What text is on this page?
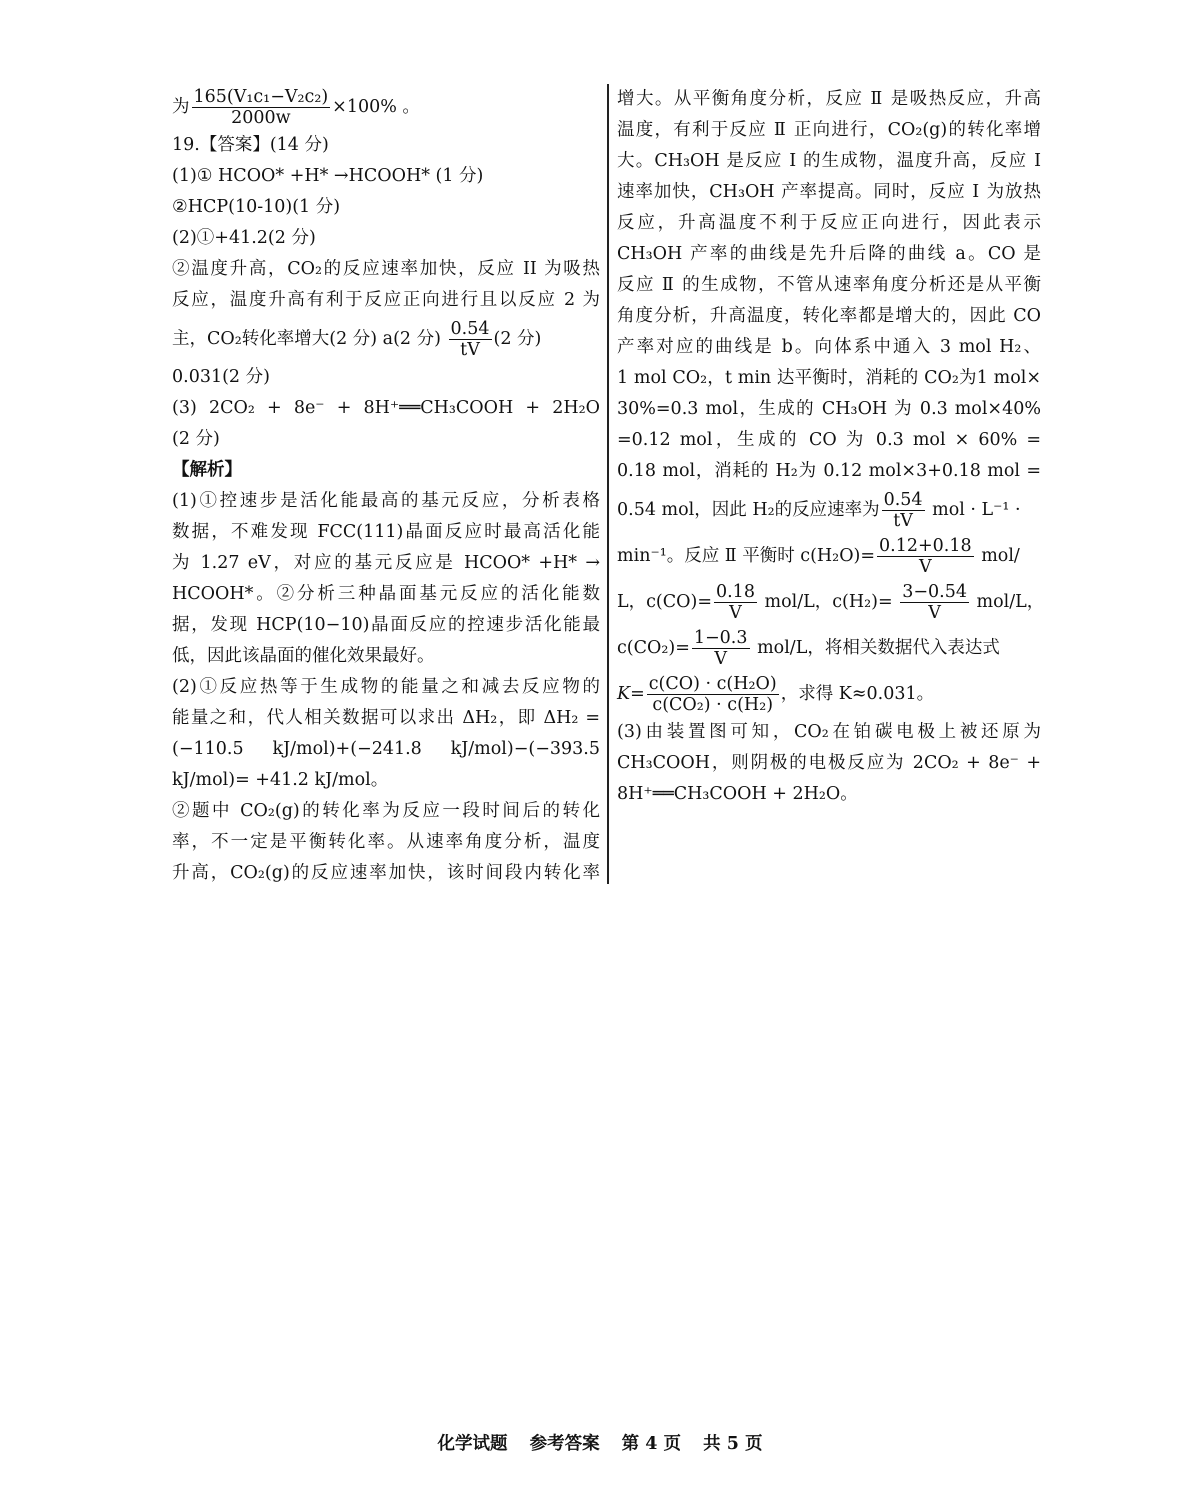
为 $\frac{\text{165(V₁c₁−V₂c₂)}}{2000w} \times 100\%$ 。
19.【答案】(14 分)
(1)① HCOO* +H* →HCOOH* (1 分)
②HCP(10-10)(1 分)
(2)①+41.2(2 分)
②温度升高，CO₂的反应速率加快，反应 II 为吸热
反应，温度升高有利于反应正向进行且以反应 2 为
主，CO₂转化率增大(2 分) a(2 分) $\frac{0.54}{tV} (2$ 分)
0.031(2 分)
(3) 2CO₂ + 8e⁻ + 8H⁺══CH₃COOH + 2H₂O
(2 分)
【解析】
(1)①控速步是活化能最高的基元反应，分析表格
数据，不难发现 FCC(111)晶面反应时最高活化能
为 1.27 eV，对应的基元反应是 HCOO* +H* →
HCOOH*。②分析三种晶面基元反应的活化能数
据，发现 HCP(10−10)晶面反应的控速步活化能最
低，因此该晶面的催化效果最好。
(2)①反应热等于生成物的能量之和减去反应物的
能量之和，代人相关数据可以求出 ΔH₂，即 ΔH₂ =
(−110.5 kJ/mol)+(−241.8 kJ/mol)−(−393.5
kJ/mol)= +41.2 kJ/mol。
②题中 CO₂(g)的转化率为反应一段时间后的转化
率，不一定是平衡转化率。从速率角度分析，温度
升高，CO₂(g)的反应速率加快，该时间段内转化率
增大。从平衡角度分析，反应 Ⅱ 是吸热反应，升高
温度，有利于反应 Ⅱ 正向进行，CO₂(g)的转化率增
大。CH₃OH 是反应 I 的生成物，温度升高，反应 Ⅰ
速率加快，CH₃OH 产率提高。同时，反应 Ⅰ 为放热
反应，升高温度不利于反应正向进行，因此表示
CH₃OH 产率的曲线是先升后降的曲线 a。CO 是
反应 Ⅱ 的生成物，不管从速率角度分析还是从平衡
角度分析，升高温度，转化率都是增大的，因此 CO
产率对应的曲线是 b。向体系中通入 3 mol H₂、
1 mol CO₂，t min 达平衡时，消耗的 CO₂为1 mol×
30%=0.3 mol，生成的 CH₃OH 为 0.3 mol×40%
=0.12 mol，生成的 CO 为 0.3 mol × 60% =
0.18 mol，消耗的 H₂为 0.12 mol×3+0.18 mol =
0.54 mol，因此 H₂的反应速率为 $\frac{0.54}{tV}$ mol · L⁻¹ ·
min⁻¹。反应 Ⅱ 平衡时 $c(H_2O)= \frac{0.12+0.18}{V} mol/$
L，$c(CO)= \frac{0.18}{V} mol/L$，$c(H_2)= \frac{3-0.54}{V} mol/L$，
$c(CO_2)= \frac{1-0.3}{V} mol/L$，将相关数据代入表达式
$K= \frac{\text{c(CO) · c(H₂O)}}{\text{c(CO₂) · c(H₂)}}$ ，求得 K≈0.031。
(3)由装置图可知，CO₂在铂碳电极上被还原为
CH₃COOH，则阴极的电极反应为 2CO₂ + 8e⁻ +
8H⁺══CH₃COOH + 2H₂O。
化学试题 参考答案 第 4 页 共 5 页
